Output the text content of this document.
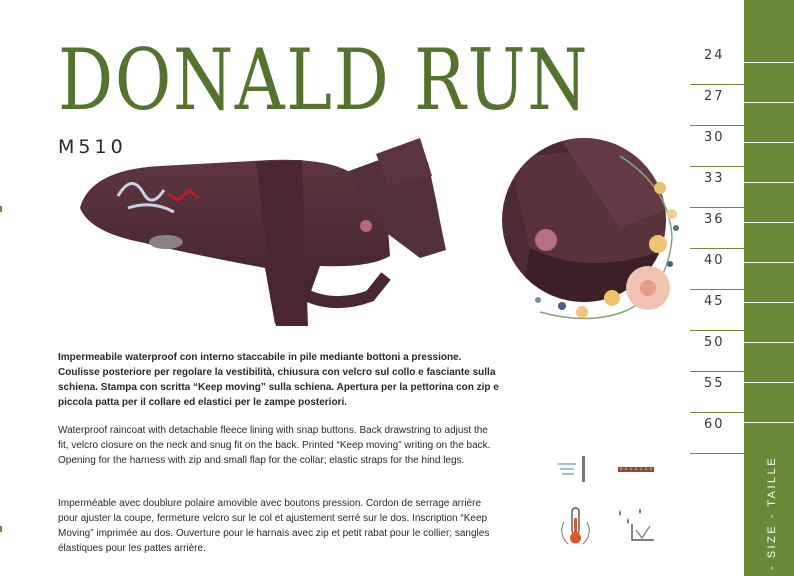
DONALD RUN
M510

Impermeabile waterproof con interno staccabile in pile mediante bottoni a pressione. Coulisse posteriore per regolare la vestibilità, chiusura con velcro sul collo e fasciante sulla schiena. Stampa con scritta “Keep moving” sulla schiena. Apertura per la pettorina con zip e piccola patta per il collare ed elastici per le zampe posteriori.

Waterproof raincoat with detachable fleece lining with snap buttons. Back drawstring to adjust the fit, velcro closure on the neck and snug fit on the back. Printed “Keep moving” writing on the back. Opening for the harness with zip and small flap for the collar; elastic straps for the hind legs.

Imperméable avec doublure polaire amovible avec boutons pression. Cordon de serrage arrière pour ajuster la coupe, fermeture velcro sur le col et ajustement serré sur le dos. Inscription “Keep Moving” imprimée au dos. Ouverture pour le harnais avec zip et petit rabat pour le collier; sangles élastiques pour les pattes arrière.

24
27
30
33
36
40
45
50
55
60
- SIZE - TAILLE
